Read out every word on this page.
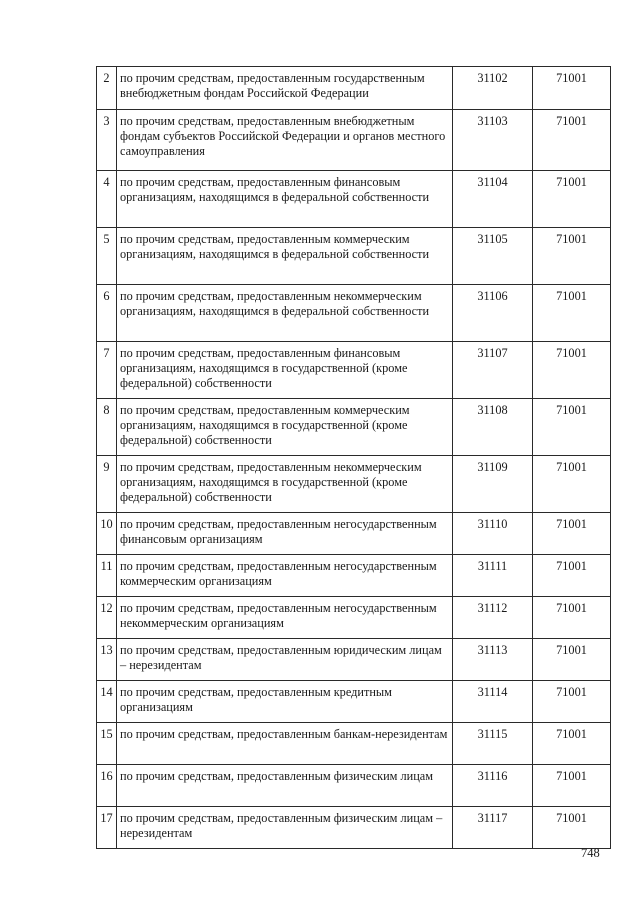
2	по прочим средствам, предоставленным государственным внебюджетным фондам Российской Федерации	31102	71001
3	по прочим средствам, предоставленным внебюджетным фондам субъектов Российской Федерации и органов местного самоуправления	31103	71001
4	по прочим средствам, предоставленным финансовым организациям, находящимся в федеральной собственности	31104	71001
5	по прочим средствам, предоставленным коммерческим организациям, находящимся в федеральной собственности	31105	71001
6	по прочим средствам, предоставленным некоммерческим организациям, находящимся в федеральной собственности	31106	71001
7	по прочим средствам, предоставленным финансовым организациям, находящимся в государственной (кроме федеральной) собственности	31107	71001
8	по прочим средствам, предоставленным коммерческим организациям, находящимся в государственной (кроме федеральной) собственности	31108	71001
9	по прочим средствам, предоставленным некоммерческим организациям, находящимся в государственной (кроме федеральной) собственности	31109	71001
10	по прочим средствам, предоставленным негосударственным финансовым организациям	31110	71001
11	по прочим средствам, предоставленным негосударственным коммерческим организациям	31111	71001
12	по прочим средствам, предоставленным негосударственным некоммерческим организациям	31112	71001
13	по прочим средствам, предоставленным юридическим лицам – нерезидентам	31113	71001
14	по прочим средствам, предоставленным кредитным организациям	31114	71001
15	по прочим средствам, предоставленным банкам-нерезидентам	31115	71001
16	по прочим средствам, предоставленным физическим лицам	31116	71001
17	по прочим средствам, предоставленным физическим лицам – нерезидентам	31117	71001
748
